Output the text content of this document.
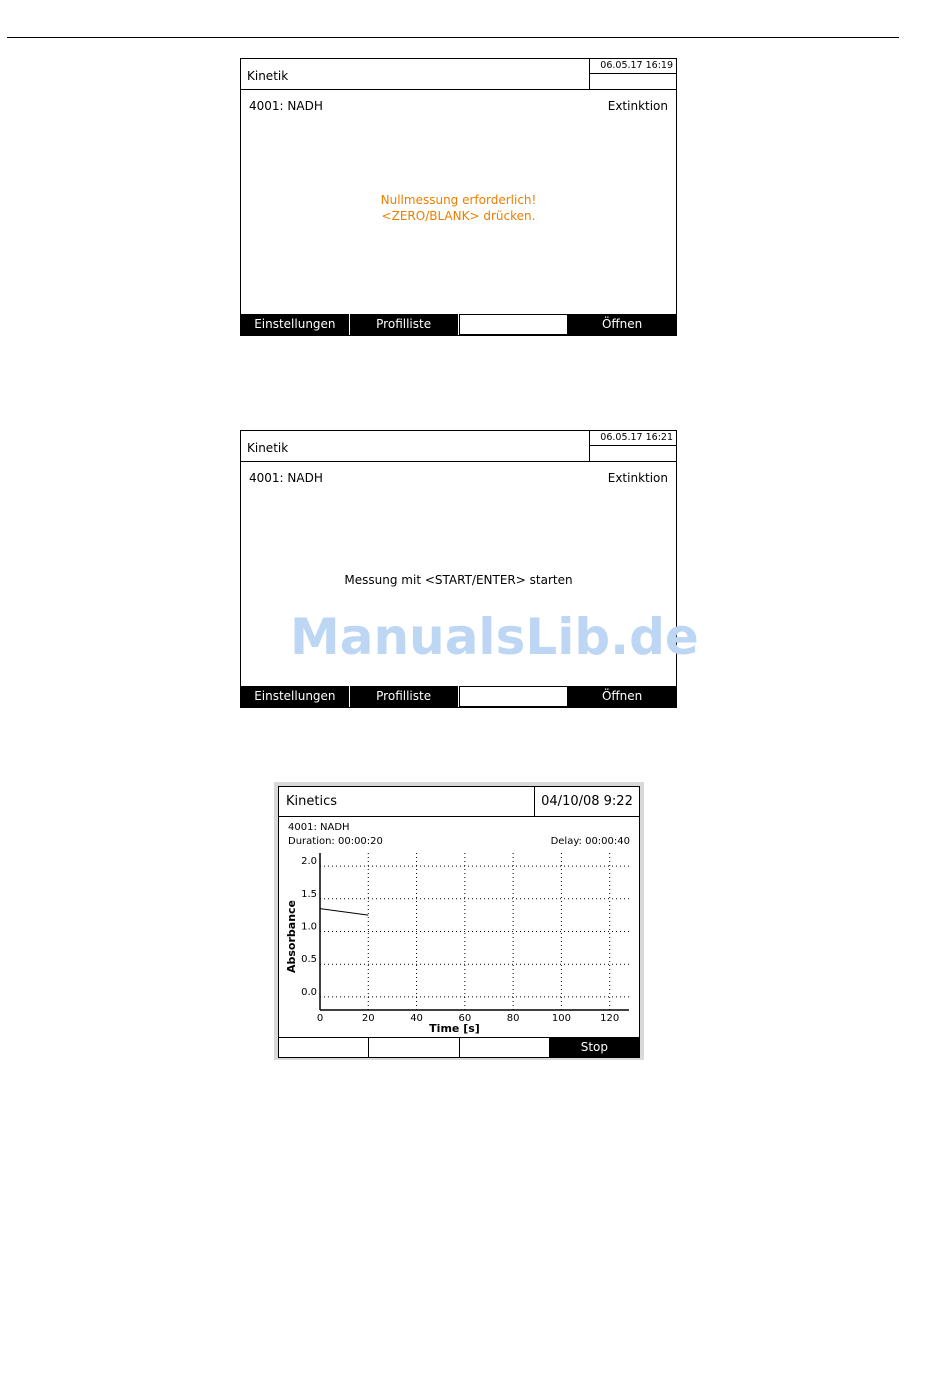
Kinetik
06.05.17 16:19
4001: NADH	Extinktion
Nullmessung erforderlich!
<ZERO/BLANK> drücken.
Einstellungen	Profilliste	Öffnen
Kinetik
06.05.17 16:21
4001: NADH	Extinktion
Messung mit <START/ENTER> starten
Einstellungen	Profilliste	Öffnen
ManualsLib.de
Kinetics	04/10/08 9:22
4001: NADH
Duration: 00:00:20	Delay: 00:00:40
0	20	40	60	80	100	120
2.0
1.5
1.0
0.5
0.0
Time [s]
Absorbance
Stop
